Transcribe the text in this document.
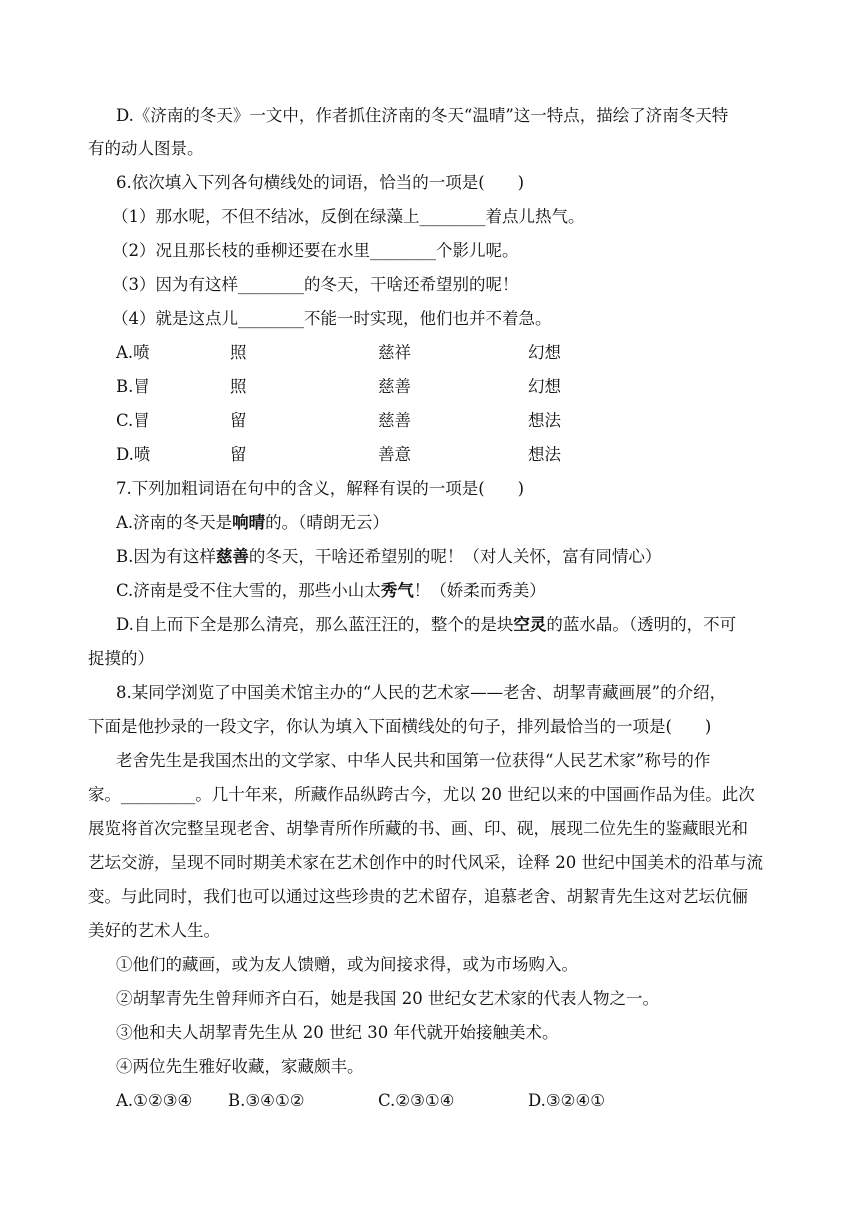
D.《济南的冬天》一文中，作者抓住济南的冬天“温晴”这一特点，描绘了济南冬天特
有的动人图景。
6.依次填入下列各句横线处的词语，恰当的一项是(　　)
（1）那水呢，不但不结冰，反倒在绿藻上________着点儿热气。
（2）况且那长枝的垂柳还要在水里________个影儿呢。
（3）因为有这样________的冬天，干啥还希望别的呢！
（4）就是这点儿________不能一时实现，他们也并不着急。
A.喷	照	慈祥	幻想
B.冒	照	慈善	幻想
C.冒	留	慈善	想法
D.喷	留	善意	想法
7.下列加粗词语在句中的含义，解释有误的一项是(　　)
A.济南的冬天是响晴的。（晴朗无云）
B.因为有这样慈善的冬天，干啥还希望别的呢！（对人关怀，富有同情心）
C.济南是受不住大雪的，那些小山太秀气！（娇柔而秀美）
D.自上而下全是那么清亮，那么蓝汪汪的，整个的是块空灵的蓝水晶。（透明的，不可
捉摸的）
8.某同学浏览了中国美术馆主办的“人民的艺术家——老舍、胡挈青藏画展”的介绍，
下面是他抄录的一段文字，你认为填入下面横线处的句子，排列最恰当的一项是(　　)
老舍先生是我国杰出的文学家、中华人民共和国第一位获得“人民艺术家”称号的作
家。_________。几十年来，所藏作品纵跨古今，尤以 20 世纪以来的中国画作品为佳。此次
展览将首次完整呈现老舍、胡挚青所作所藏的书、画、印、砚，展现二位先生的鉴藏眼光和
艺坛交游，呈现不同时期美术家在艺术创作中的时代风采，诠释 20 世纪中国美术的沿革与流
变。与此同时，我们也可以通过这些珍贵的艺术留存，追慕老舍、胡絜青先生这对艺坛伉俪
美好的艺术人生。
①他们的藏画，或为友人馈赠，或为间接求得，或为市场购入。
②胡挈青先生曾拜师齐白石，她是我国 20 世纪女艺术家的代表人物之一。
③他和夫人胡挈青先生从 20 世纪 30 年代就开始接触美术。
④两位先生雅好收藏，家藏颇丰。
A.①②③④ B.③④①②	C.②③①④	D.③②④①
